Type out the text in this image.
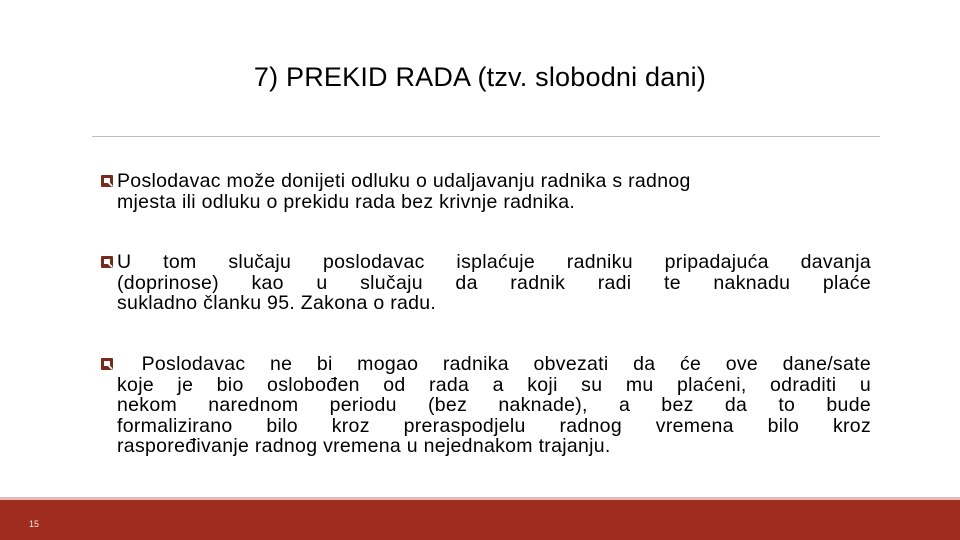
7) PREKID RADA (tzv. slobodni dani)
Poslodavac može donijeti odluku o udaljavanju radnika s radnog
mjesta ili odluku o prekidu rada bez krivnje radnika.
U tom slučaju poslodavac isplaćuje radniku pripadajuća davanja
(doprinose) kao u slučaju da radnik radi te naknadu plaće
sukladno članku 95. Zakona o radu.
Poslodavac ne bi mogao radnika obvezati da će ove dane/sate
koje je bio oslobođen od rada a koji su mu plaćeni, odraditi u
nekom narednom periodu (bez naknade), a bez da to bude
formalizirano bilo kroz preraspodjelu radnog vremena bilo kroz
raspoređivanje radnog vremena u nejednakom trajanju.
15
